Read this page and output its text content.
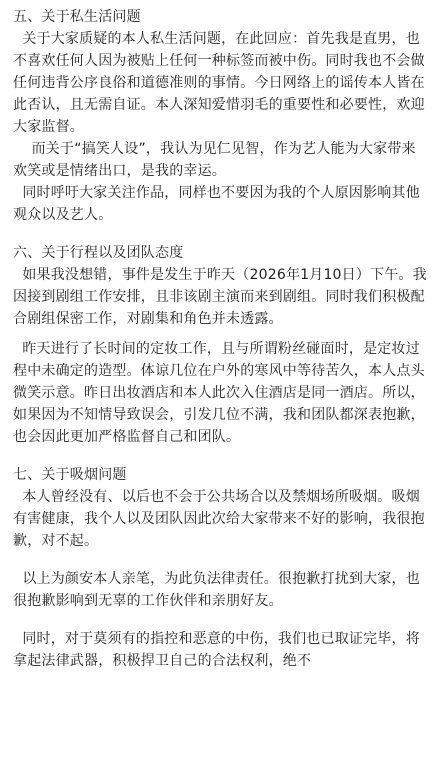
五、关于私生活问题

关于大家质疑的本人私生活问题，在此回应：首先我是直男，也不喜欢任何人因为被贴上任何一种标签而被中伤。同时我也不会做任何违背公序良俗和道德准则的事情。今日网络上的谣传本人皆在此否认，且无需自证。本人深知爱惜羽毛的重要性和必要性，欢迎大家监督。

而关于“搞笑人设”，我认为见仁见智，作为艺人能为大家带来欢笑或是情绪出口，是我的幸运。

同时呼吁大家关注作品，同样也不要因为我的个人原因影响其他观众以及艺人。

六、关于行程以及团队态度

如果我没想错，事件是发生于昨天（2026年1月10日）下午。我因接到剧组工作安排，且非该剧主演而来到剧组。同时我们积极配合剧组保密工作，对剧集和角色并未透露。

昨天进行了长时间的定妆工作，且与所谓粉丝碰面时，是定妆过程中未确定的造型。体谅几位在户外的寒风中等待苦久，本人点头微笑示意。昨日出妆酒店和本人此次入住酒店是同一酒店。所以，如果因为不知情导致误会，引发几位不满，我和团队都深表抱歉，也会因此更加严格监督自己和团队。

七、关于吸烟问题

本人曾经没有、以后也不会于公共场合以及禁烟场所吸烟。吸烟有害健康，我个人以及团队因此次给大家带来不好的影响，我很抱歉，对不起。

以上为颜安本人亲笔，为此负法律责任。很抱歉打扰到大家，也很抱歉影响到无辜的工作伙伴和亲朋好友。

同时，对于莫须有的指控和恶意的中伤，我们也已取证完毕，将拿起法律武器，积极捍卫自己的合法权利，绝不
